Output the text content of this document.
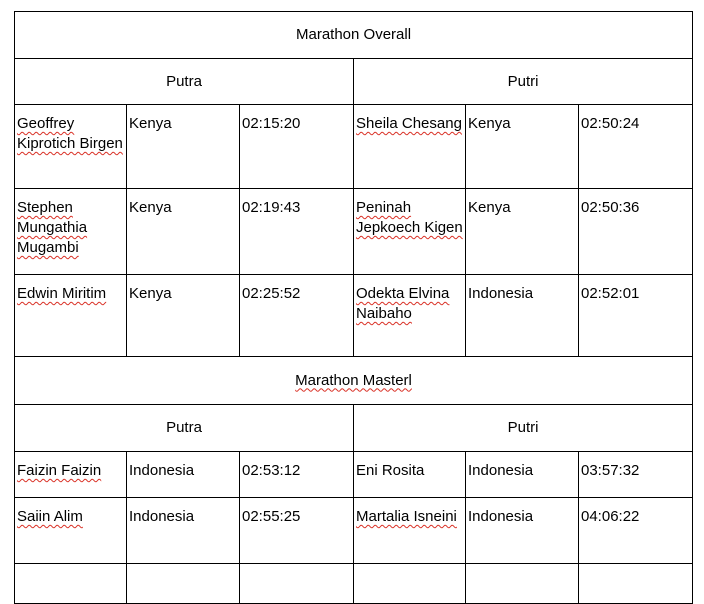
Marathon Overall					
Putra			Putri		
Geoffrey Kiprotich Birgen	Kenya	02:15:20	Sheila Chesang	Kenya	02:50:24
Stephen Mungathia Mugambi	Kenya	02:19:43	Peninah Jepkoech Kigen	Kenya	02:50:36
Edwin Miritim	Kenya	02:25:52	Odekta Elvina Naibaho	Indonesia	02:52:01
Marathon Masterl					
Putra			Putri		
Faizin Faizin	Indonesia	02:53:12	Eni Rosita	Indonesia	03:57:32
Saiin Alim	Indonesia	02:55:25	Martalia Isneini	Indonesia	04:06:22
